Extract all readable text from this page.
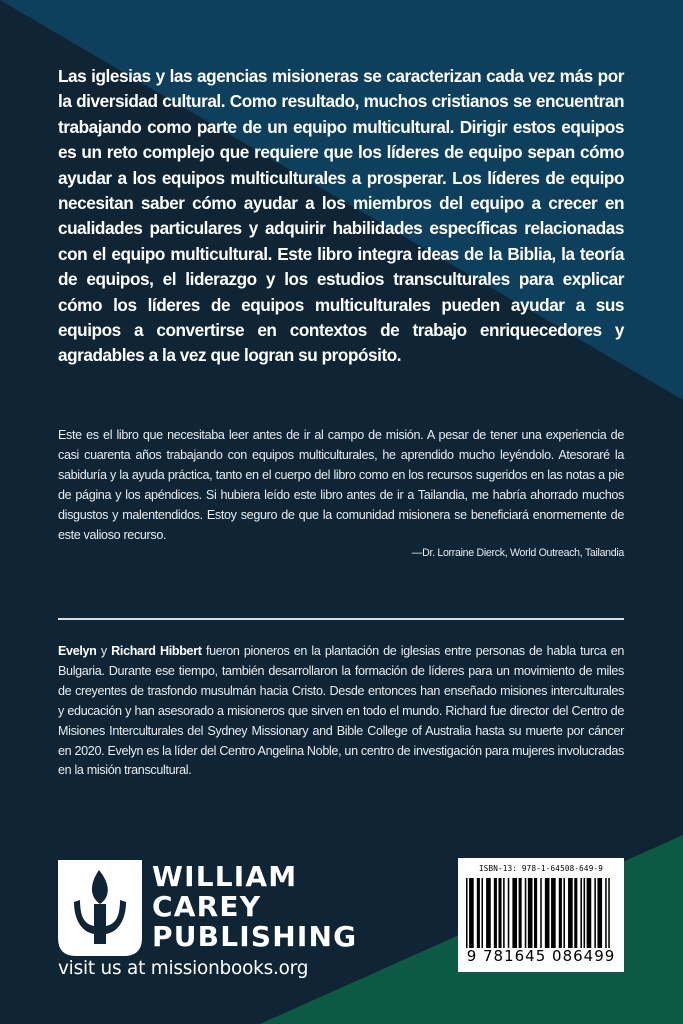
Las iglesias y las agencias misioneras se caracterizan cada vez más por la diversidad cultural. Como resultado, muchos cristianos se encuentran trabajando como parte de un equipo multicultural. Dirigir estos equipos es un reto complejo que requiere que los líderes de equipo sepan cómo ayudar a los equipos multiculturales a prosperar. Los líderes de equipo necesitan saber cómo ayudar a los miembros del equipo a crecer en cualidades particulares y adquirir habilidades específicas relacionadas con el equipo multicultural. Este libro integra ideas de la Biblia, la teoría de equipos, el liderazgo y los estudios transculturales para explicar cómo los líderes de equipos multiculturales pueden ayudar a sus equipos a convertirse en contextos de trabajo enriquecedores y agradables a la vez que logran su propósito.

Este es el libro que necesitaba leer antes de ir al campo de misión. A pesar de tener una experiencia de casi cuarenta años trabajando con equipos multiculturales, he aprendido mucho leyéndolo. Atesoraré la sabiduría y la ayuda práctica, tanto en el cuerpo del libro como en los recursos sugeridos en las notas a pie de página y los apéndices. Si hubiera leído este libro antes de ir a Tailandia, me habría ahorrado muchos disgustos y malentendidos. Estoy seguro de que la comunidad misionera se beneficiará enormemente de este valioso recurso.

—Dr. Lorraine Dierck, World Outreach, Tailandia

Evelyn y Richard Hibbert fueron pioneros en la plantación de iglesias entre personas de habla turca en Bulgaria. Durante ese tiempo, también desarrollaron la formación de líderes para un movimiento de miles de creyentes de trasfondo musulmán hacia Cristo. Desde entonces han enseñado misiones interculturales y educación y han asesorado a misioneros que sirven en todo el mundo. Richard fue director del Centro de Misiones Interculturales del Sydney Missionary and Bible College of Australia hasta su muerte por cáncer en 2020. Evelyn es la líder del Centro Angelina Noble, un centro de investigación para mujeres involucradas en la misión transcultural.

WILLIAM
CAREY
PUBLISHING
visit us at missionbooks.org
ISBN-13: 978-1-64508-649-9
9 781645 086499
